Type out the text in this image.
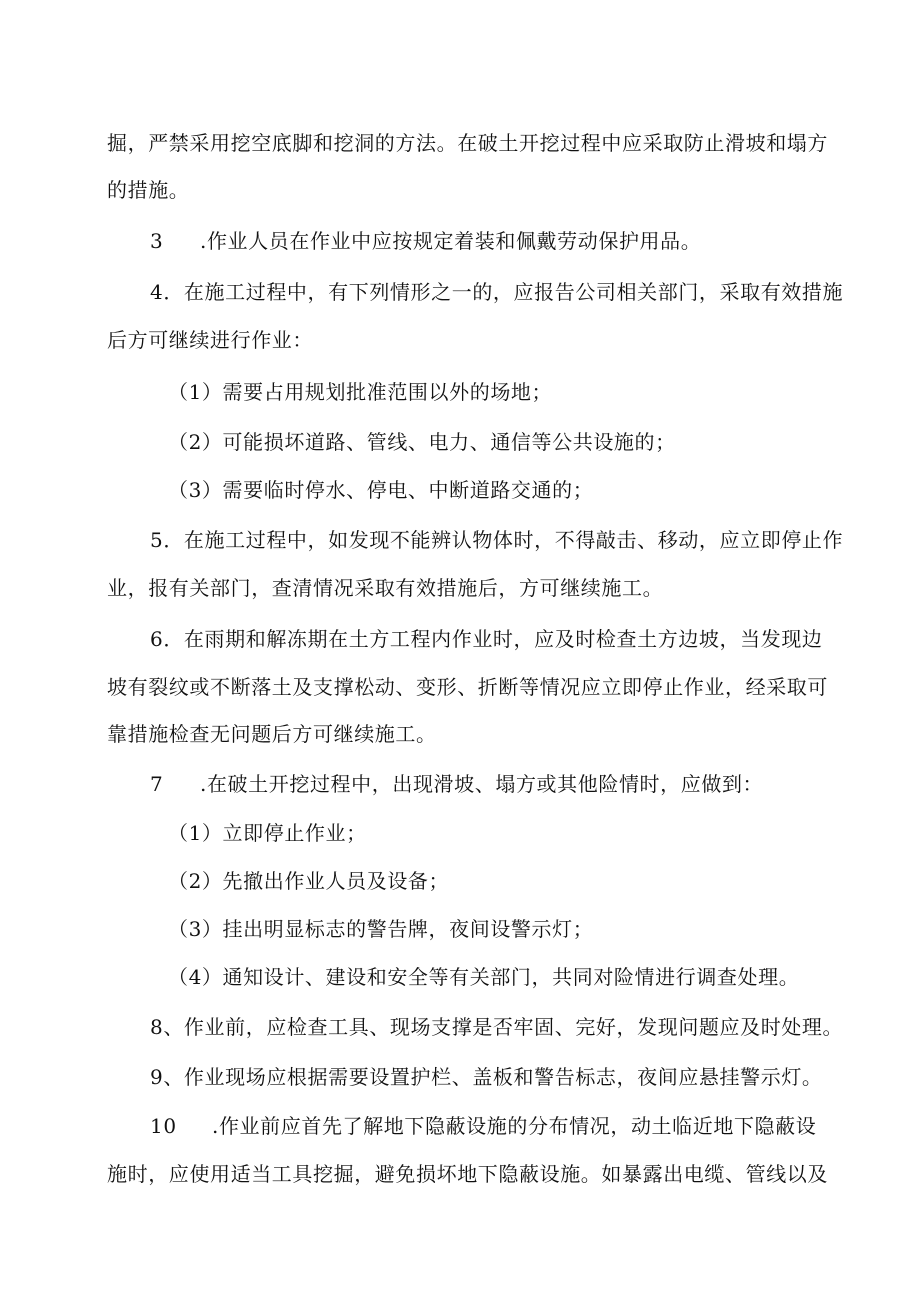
掘，严禁采用挖空底脚和挖洞的方法。在破土开挖过程中应采取防止滑坡和塌方
的措施。
3 .作业人员在作业中应按规定着装和佩戴劳动保护用品。
4．在施工过程中，有下列情形之一的，应报告公司相关部门，采取有效措施
后方可继续进行作业：
（1）需要占用规划批准范围以外的场地；
（2）可能损坏道路、管线、电力、通信等公共设施的；
（3）需要临时停水、停电、中断道路交通的；
5．在施工过程中，如发现不能辨认物体时，不得敲击、移动，应立即停止作
业，报有关部门，查清情况采取有效措施后，方可继续施工。
6．在雨期和解冻期在土方工程内作业时，应及时检查土方边坡，当发现边
坡有裂纹或不断落土及支撑松动、变形、折断等情况应立即停止作业，经采取可
靠措施检查无问题后方可继续施工。
7 .在破土开挖过程中，出现滑坡、塌方或其他险情时，应做到：
（1）立即停止作业；
（2）先撤出作业人员及设备；
（3）挂出明显标志的警告牌，夜间设警示灯；
（4）通知设计、建设和安全等有关部门，共同对险情进行调查处理。
8、作业前，应检查工具、现场支撑是否牢固、完好，发现问题应及时处理。
9、作业现场应根据需要设置护栏、盖板和警告标志，夜间应悬挂警示灯。
10 .作业前应首先了解地下隐蔽设施的分布情况，动土临近地下隐蔽设
施时，应使用适当工具挖掘，避免损坏地下隐蔽设施。如暴露出电缆、管线以及
